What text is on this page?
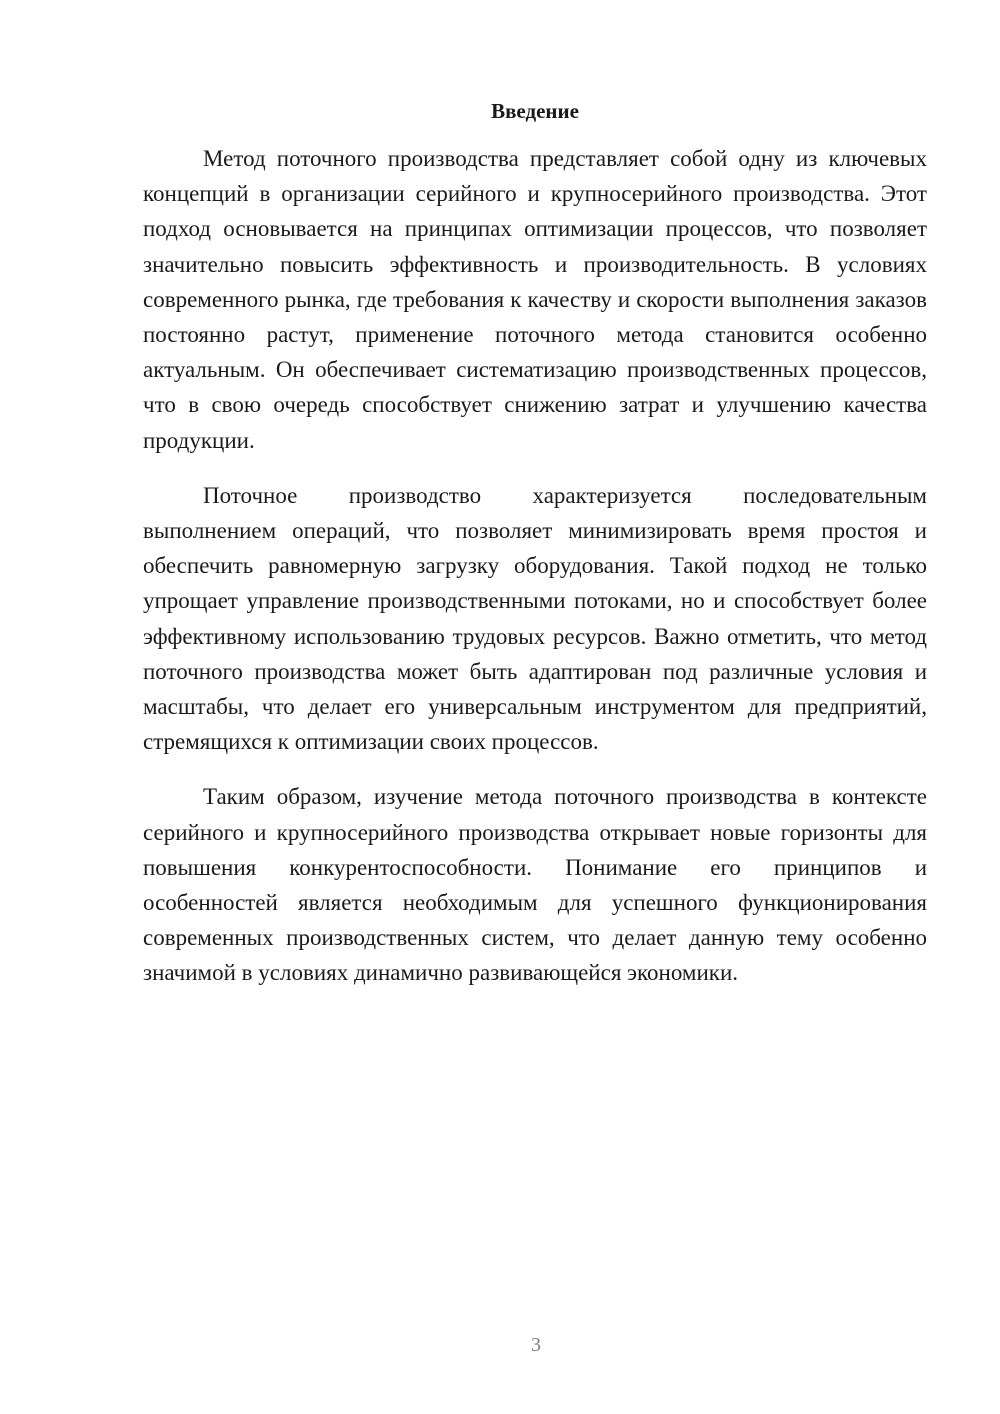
Введение

Метод поточного производства представляет собой одну из ключевых концепций в организации серийного и крупносерийного производства. Этот подход основывается на принципах оптимизации процессов, что позволяет значительно повысить эффективность и производительность. В условиях современного рынка, где требования к качеству и скорости выполнения заказов постоянно растут, применение поточного метода становится особенно актуальным. Он обеспечивает систематизацию производственных процессов, что в свою очередь способствует снижению затрат и улучшению качества продукции.

Поточное производство характеризуется последовательным выполнением операций, что позволяет минимизировать время простоя и обеспечить равномерную загрузку оборудования. Такой подход не только упрощает управление производственными потоками, но и способствует более эффективному использованию трудовых ресурсов. Важно отметить, что метод поточного производства может быть адаптирован под различные условия и масштабы, что делает его универсальным инструментом для предприятий, стремящихся к оптимизации своих процессов.

Таким образом, изучение метода поточного производства в контексте серийного и крупносерийного производства открывает новые горизонты для повышения конкурентоспособности. Понимание его принципов и особенностей является необходимым для успешного функционирования современных производственных систем, что делает данную тему особенно значимой в условиях динамично развивающейся экономики.

3
